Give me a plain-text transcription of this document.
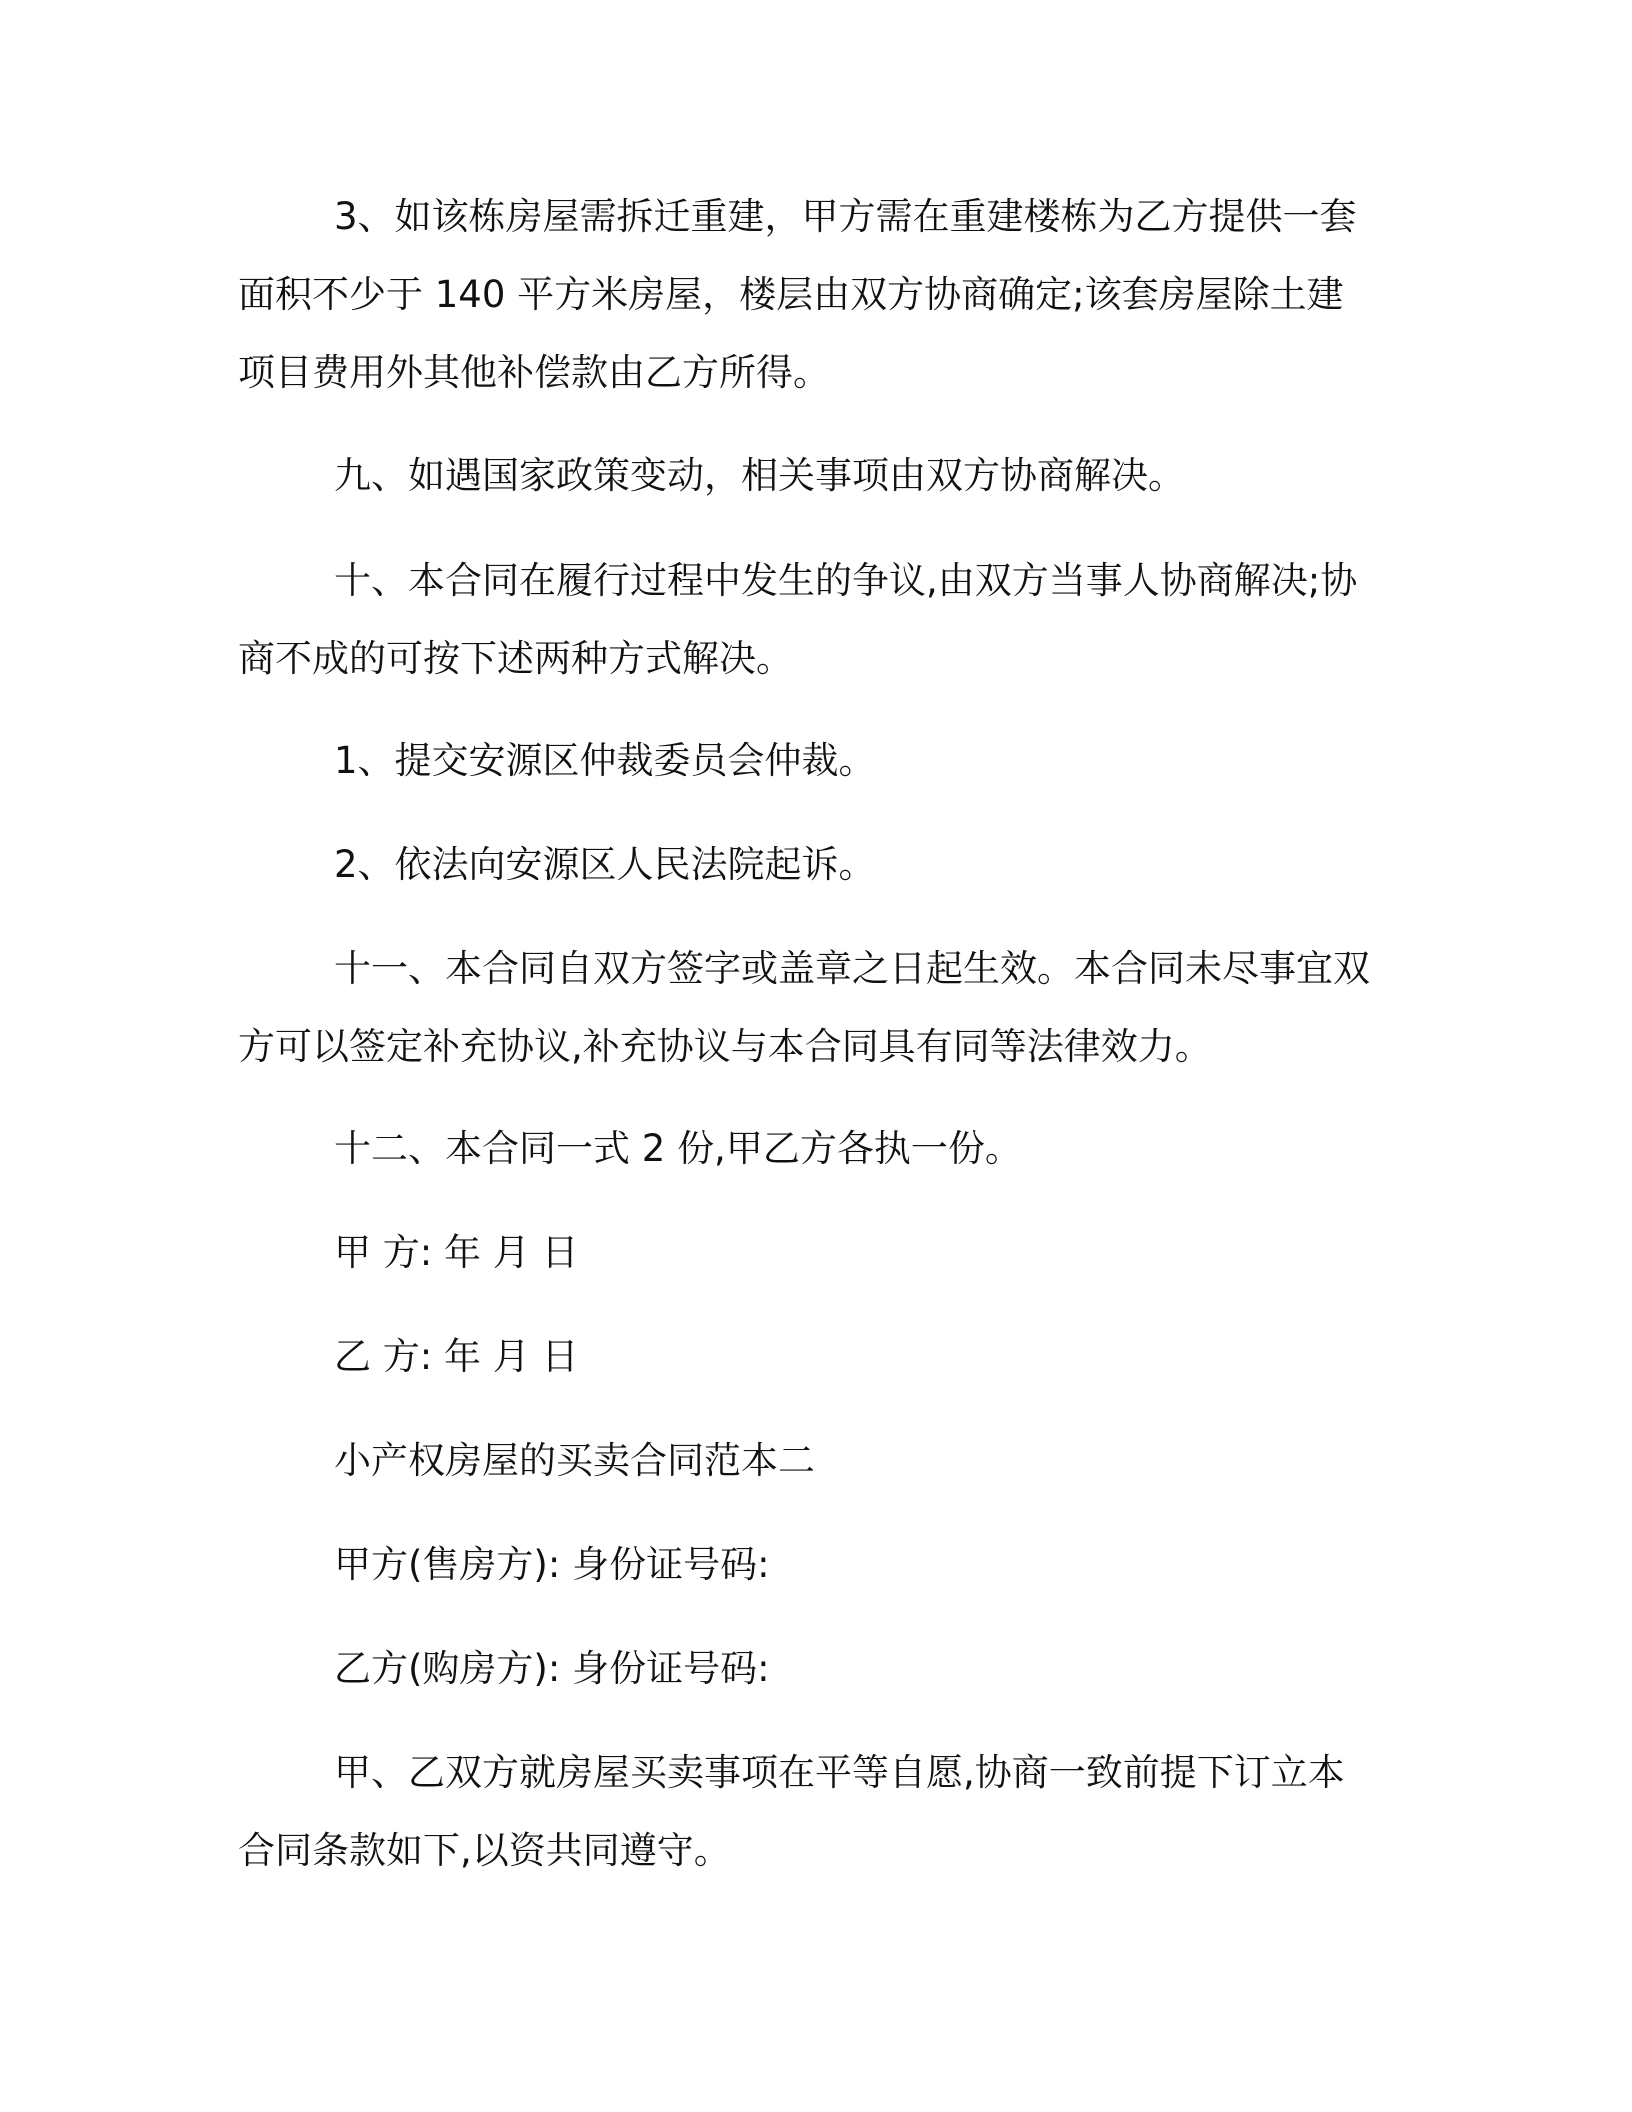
3、如该栋房屋需拆迁重建，甲方需在重建楼栋为乙方提供一套面积不少于 140 平方米房屋，楼层由双方协商确定;该套房屋除土建项目费用外其他补偿款由乙方所得。

九、如遇国家政策变动，相关事项由双方协商解决。

十、本合同在履行过程中发生的争议,由双方当事人协商解决;协商不成的可按下述两种方式解决。

1、提交安源区仲裁委员会仲裁。

2、依法向安源区人民法院起诉。

十一、本合同自双方签字或盖章之日起生效。本合同未尽事宜双方可以签定补充协议,补充协议与本合同具有同等法律效力。

十二、本合同一式 2 份,甲乙方各执一份。

甲 方: 年 月 日

乙 方: 年 月 日

小产权房屋的买卖合同范本二

甲方(售房方): 身份证号码:

乙方(购房方): 身份证号码:

甲、乙双方就房屋买卖事项在平等自愿,协商一致前提下订立本合同条款如下,以资共同遵守。
